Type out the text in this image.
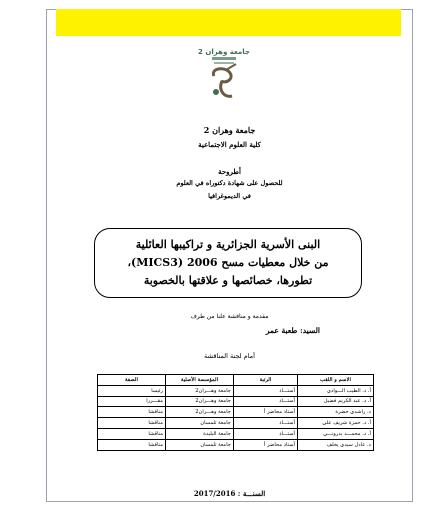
جامعة وهران 2
جامعة وهران 2
كلية العلوم الاجتماعية
أطروحة
للحصول على شهادة دكتوراه في العلوم
في الديموغرافيا
البنى الأسرية الجزائرية و تراكيبها العائلية
من خلال معطيات مسح 2006 (MICS3)،
تطورها، خصائصها و علاقتها بالخصوبة
مقدمة و مناقشة علنا من طرف
السيد: طعبة عمر
أمام لجنة المناقشة
الاسم و اللقب	الرتبة	المؤسسة الأصلية	الصفة
أ. د. الطيب الـــوادي	أستـــاذ	جامعة وهـــران2	رئيسا
أ. د. عبد الكريم فضيل	أستـــاذ	جامعة وهـــران2	مقـــررا
د. راشدي خضرة	أستاذ محاضر أ	جامعة وهـــران2	مناقشا
أ. د. حمزة شريف علي	أستـــاذ	جامعة تلمسان	مناقشا
أ. د. محمـــد بدرونـــي	أستـــاذ	جامعة البليدة	مناقشا
د. عادل سيدي يخلف	أستاذ محاضر أ	جامعة تلمسان	مناقشا
السنـــة : 2017/2016
